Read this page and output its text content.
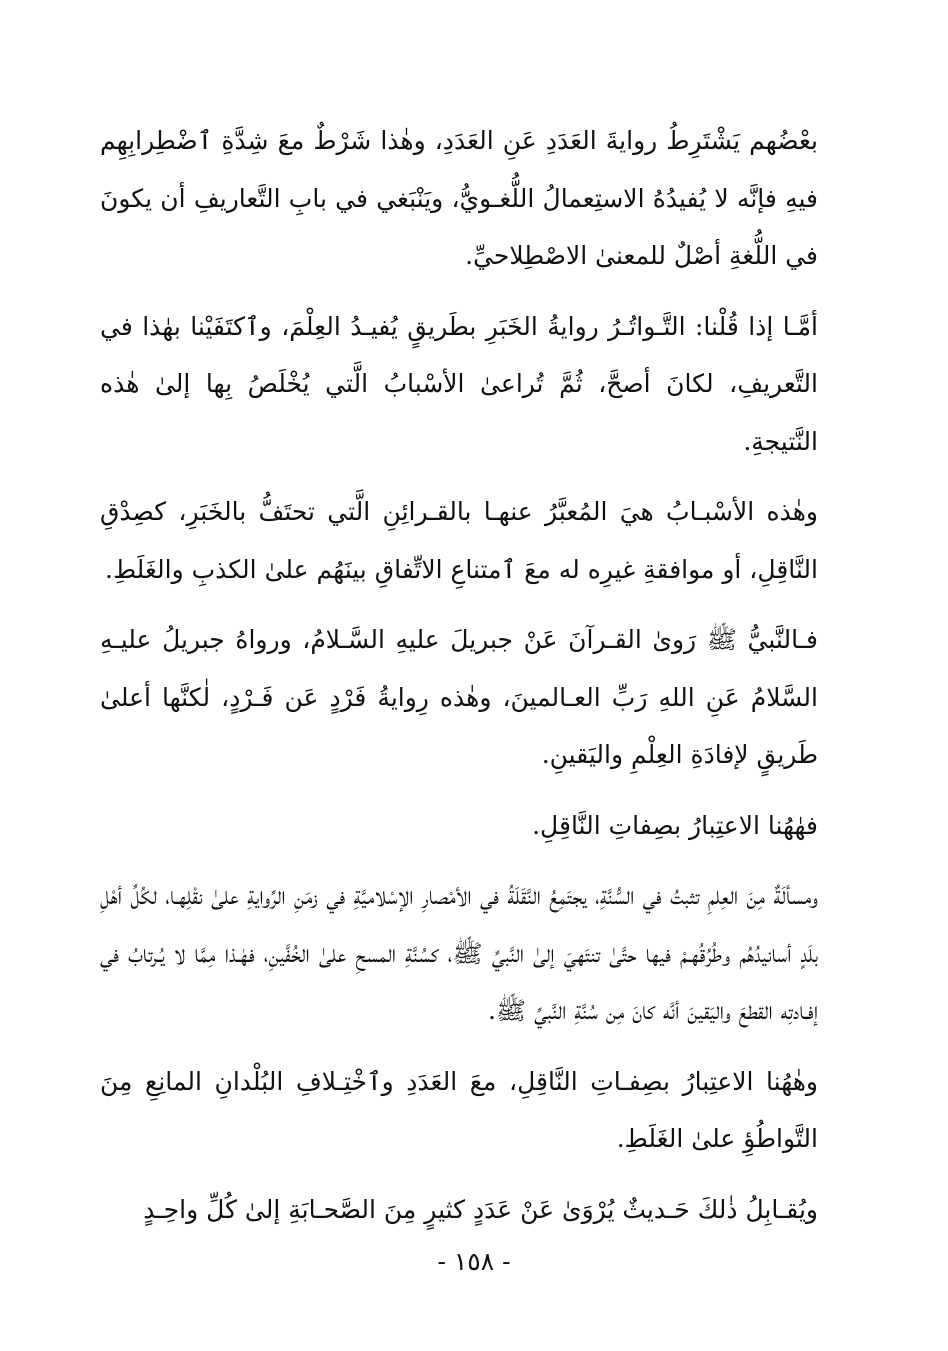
بعْضُهم يَشْتَرِطُ روايةَ العَدَدِ عَنِ العَدَدِ، وهٰذا شَرْطٌ معَ شِدَّةِ ٱضْطِرابِهِم فيهِ فإنَّه لا يُفيدُهُ الاستِعمالُ اللُّغـويُّ، ويَنْبَغي في بابِ التَّعاريفِ أن يكونَ في اللُّغةِ أصْلٌ للمعنىٰ الاصْطِلاحيِّ.

أمَّـا إذا قُلْنا: التَّـواتُـرُ روايةُ الخَبَرِ بطَريقٍ يُفيـدُ العِلْمَ، وٱكتَفَيْنا بهٰذا في التَّعريفِ، لكانَ أصحَّ، ثُمَّ تُراعىٰ الأسْبابُ الَّتي يُخْلَصُ بِها إلىٰ هٰذه النَّتيجةِ.

وهٰذه الأسْبـابُ هيَ المُعبَّرُ عنهـا بالقـرائِنِ الَّتي تحتَفُّ بالخَبَرِ، كصِدْقِ النَّاقِلِ، أو موافقةِ غيرِه له معَ ٱمتناعِ الاتِّفاقِ بينَهُم علىٰ الكذبِ والغَلَطِ.

فـالنَّبيُّ ﷺ رَوىٰ القـرآنَ عَنْ جبريلَ عليهِ السَّـلامُ، ورواهُ جبريلُ عليـهِ السَّلامُ عَنِ اللهِ رَبِّ العـالمينَ، وهٰذه رِوايةُ فَرْدٍ عَن فَـرْدٍ، لٰكنَّها أعلىٰ طَريقٍ لإفادَةِ العِلْمِ واليَقينِ.

فهٰهُنا الاعتِبارُ بصِفاتِ النَّاقِلِ.

ومسألَةٌ مِنَ العِلمِ تثبتُ في السُّنَّةِ، يجتَمِعُ النَّقَلَةُ في الأمْصارِ الإسْلاميَّةِ في زمَنِ الرِّوايةِ علىٰ نقْلِهـا، لكُلِّ أهْلِ بلَدٍ أسانيدُهُم وطُرُقُهـمْ فيها حتَّىٰ تنتَهيَ إلىٰ النَّبيِّ ﷺ، كسُنَّةِ المسحِ علىٰ الخُفَّينِ، فهٰـذا مِمَّا لا يُـرتابُ في إفـادتِه القطعَ واليَقينَ أنَّه كانَ مِن سُنَّةِ النَّبيِّ ﷺ.

وهٰهُنا الاعتِبارُ بصِفـاتِ النَّاقِلِ، معَ العَدَدِ وٱخْتِـلافِ البُلْدانِ المانِعِ مِنَ التَّواطُؤِ علىٰ الغَلَطِ.

ويُقـابِلُ ذٰلكَ حَـديثٌ يُرْوَىٰ عَنْ عَدَدٍ كثيرٍ مِنَ الصَّحـابَةِ إلىٰ كُلِّ واحِـدٍ

- ١٥٨ -
